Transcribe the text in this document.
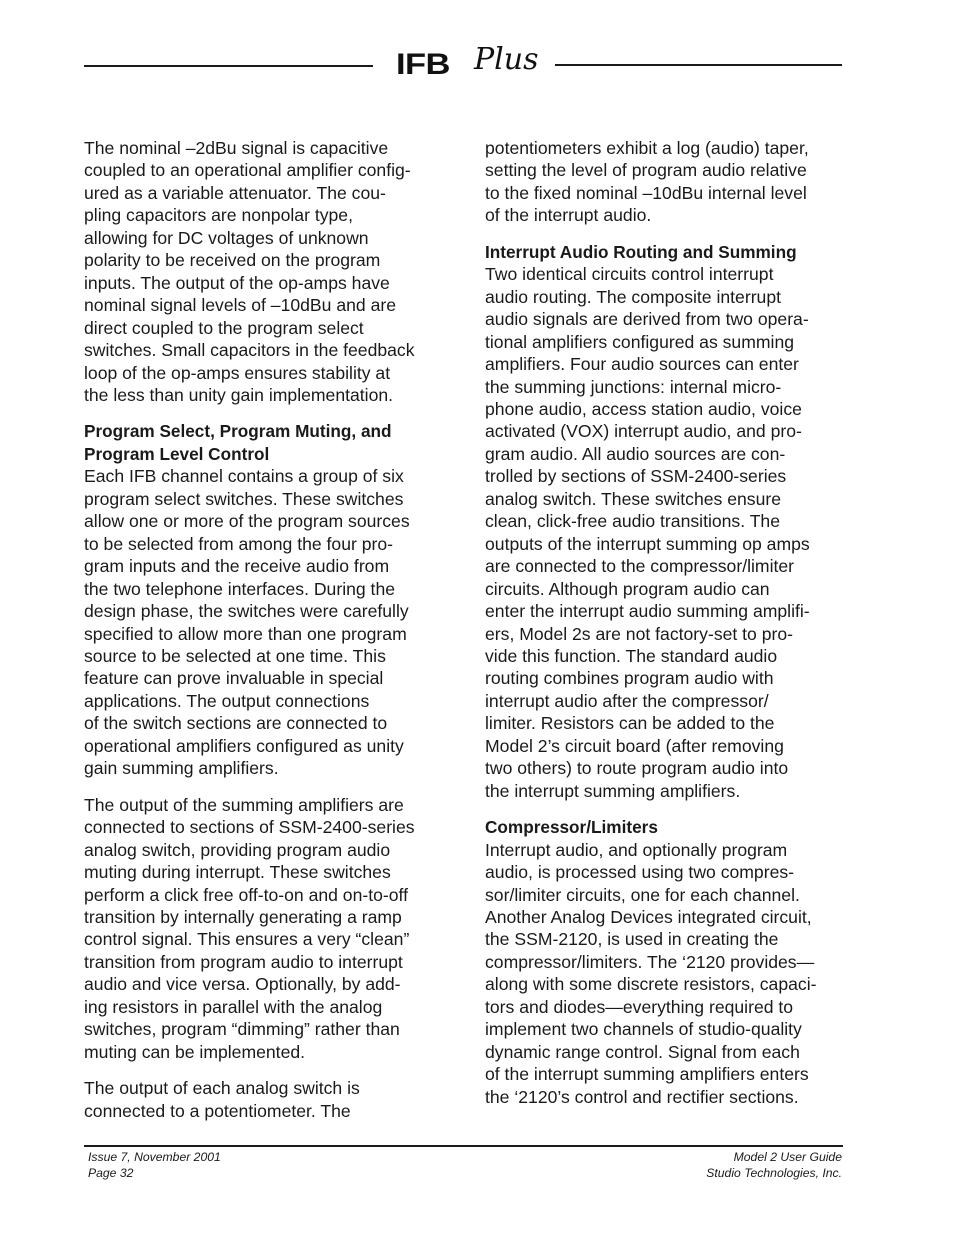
IFB Plus

The nominal –2dBu signal is capacitive
coupled to an operational amplifier config-
ured as a variable attenuator. The cou-
pling capacitors are nonpolar type,
allowing for DC voltages of unknown
polarity to be received on the program
inputs. The output of the op-amps have
nominal signal levels of –10dBu and are
direct coupled to the program select
switches. Small capacitors in the feedback
loop of the op-amps ensures stability at
the less than unity gain implementation.

Program Select, Program Muting, and
Program Level Control

Each IFB channel contains a group of six
program select switches. These switches
allow one or more of the program sources
to be selected from among the four pro-
gram inputs and the receive audio from
the two telephone interfaces. During the
design phase, the switches were carefully
specified to allow more than one program
source to be selected at one time. This
feature can prove invaluable in special
applications. The output connections
of the switch sections are connected to
operational amplifiers configured as unity
gain summing amplifiers.

The output of the summing amplifiers are
connected to sections of SSM-2400-series
analog switch, providing program audio
muting during interrupt. These switches
perform a click free off-to-on and on-to-off
transition by internally generating a ramp
control signal. This ensures a very “clean”
transition from program audio to interrupt
audio and vice versa. Optionally, by add-
ing resistors in parallel with the analog
switches, program “dimming” rather than
muting can be implemented.

The output of each analog switch is
connected to a potentiometer. The

potentiometers exhibit a log (audio) taper,
setting the level of program audio relative
to the fixed nominal –10dBu internal level
of the interrupt audio.

Interrupt Audio Routing and Summing

Two identical circuits control interrupt
audio routing. The composite interrupt
audio signals are derived from two opera-
tional amplifiers configured as summing
amplifiers. Four audio sources can enter
the summing junctions: internal micro-
phone audio, access station audio, voice
activated (VOX) interrupt audio, and pro-
gram audio. All audio sources are con-
trolled by sections of SSM-2400-series
analog switch. These switches ensure
clean, click-free audio transitions. The
outputs of the interrupt summing op amps
are connected to the compressor/limiter
circuits. Although program audio can
enter the interrupt audio summing amplifi-
ers, Model 2s are not factory-set to pro-
vide this function. The standard audio
routing combines program audio with
interrupt audio after the compressor/
limiter. Resistors can be added to the
Model 2’s circuit board (after removing
two others) to route program audio into
the interrupt summing amplifiers.

Compressor/Limiters

Interrupt audio, and optionally program
audio, is processed using two compres-
sor/limiter circuits, one for each channel.
Another Analog Devices integrated circuit,
the SSM-2120, is used in creating the
compressor/limiters. The ‘2120 provides—
along with some discrete resistors, capaci-
tors and diodes—everything required to
implement two channels of studio-quality
dynamic range control. Signal from each
of the interrupt summing amplifiers enters
the ‘2120’s control and rectifier sections.

Issue 7, November 2001
Page 32
Model 2 User Guide
Studio Technologies, Inc.
